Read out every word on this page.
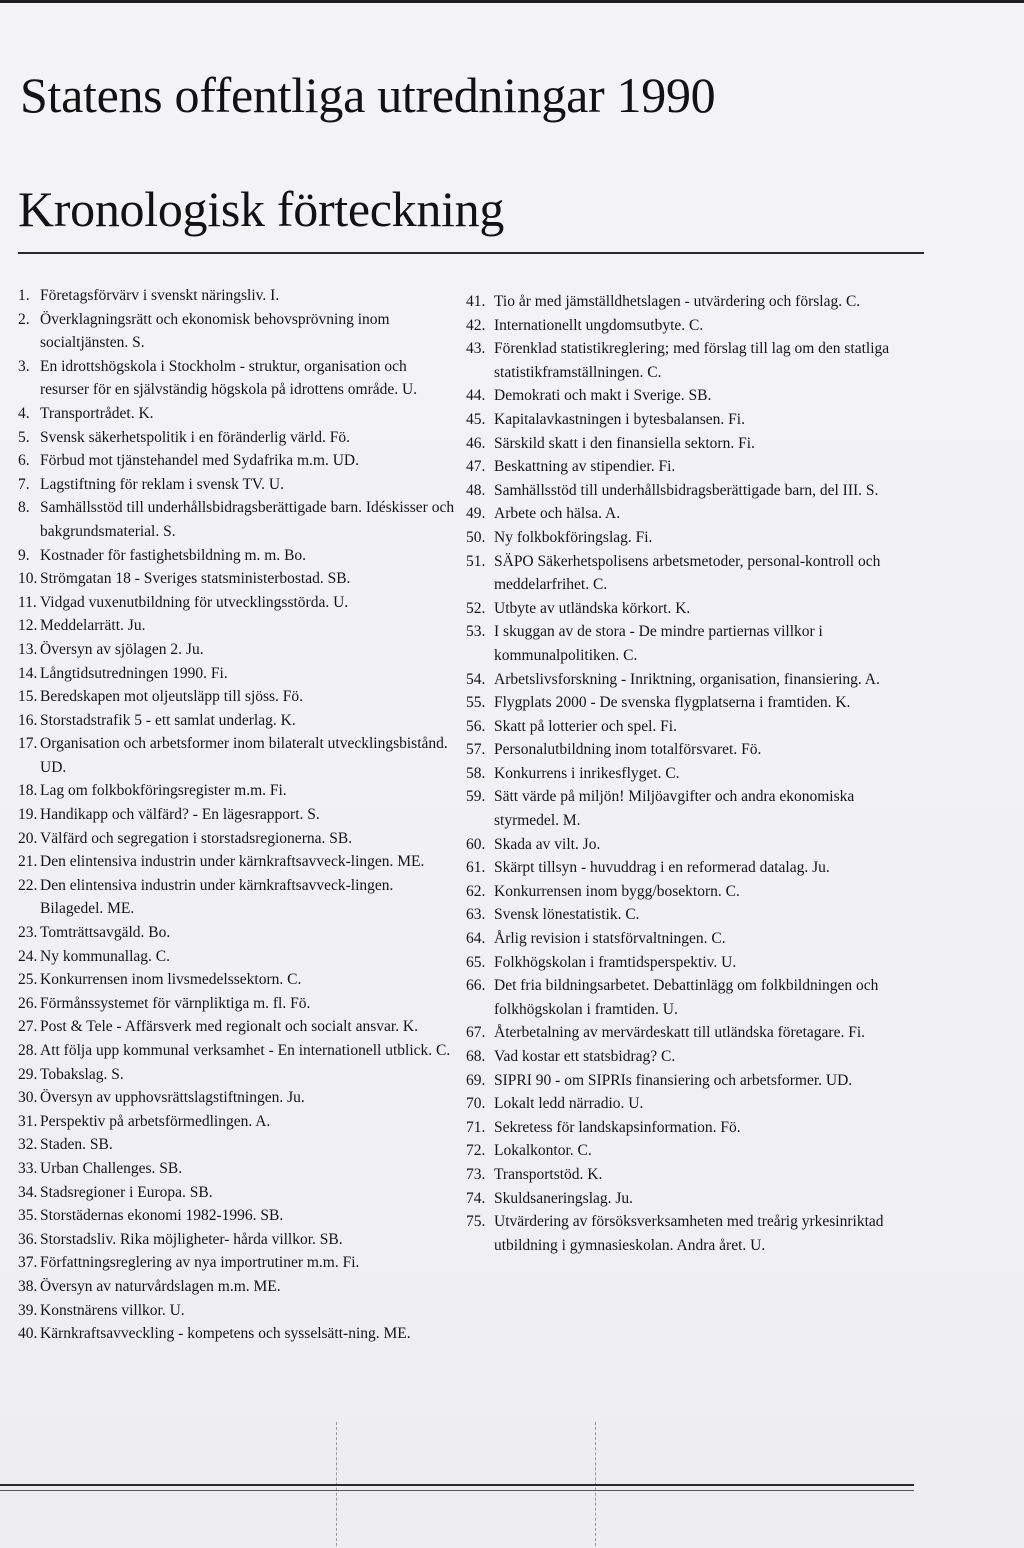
Statens offentliga utredningar 1990
Kronologisk förteckning
1. Företagsförvärv i svenskt näringsliv. I.
2. Överklagningsrätt och ekonomisk behovsprövning inom socialtjänsten. S.
3. En idrottshögskola i Stockholm - struktur, organisation och resurser för en självständig högskola på idrottens område. U.
4. Transportrådet. K.
5. Svensk säkerhetspolitik i en föränderlig värld. Fö.
6. Förbud mot tjänstehandel med Sydafrika m.m. UD.
7. Lagstiftning för reklam i svensk TV. U.
8. Samhällsstöd till underhållsbidragsberättigade barn. Idéskisser och bakgrundsmaterial. S.
9. Kostnader för fastighetsbildning m. m. Bo.
10. Strömgatan 18 - Sveriges statsministerbostad. SB.
11. Vidgad vuxenutbildning för utvecklingsstörda. U.
12. Meddelarrätt. Ju.
13. Översyn av sjölagen 2. Ju.
14. Långtidsutredningen 1990. Fi.
15. Beredskapen mot oljeutsläpp till sjöss. Fö.
16. Storstadstrafik 5 - ett samlat underlag. K.
17. Organisation och arbetsformer inom bilateralt utvecklingsbistånd. UD.
18. Lag om folkbokföringsregister m.m. Fi.
19. Handikapp och välfärd? - En lägesrapport. S.
20. Välfärd och segregation i storstadsregionerna. SB.
21. Den elintensiva industrin under kärnkraftsavveck-lingen. ME.
22. Den elintensiva industrin under kärnkraftsavveck-lingen. Bilagedel. ME.
23. Tomträttsavgäld. Bo.
24. Ny kommunallag. C.
25. Konkurrensen inom livsmedelssektorn. C.
26. Förmånssystemet för värnpliktiga m. fl. Fö.
27. Post & Tele - Affärsverk med regionalt och socialt ansvar. K.
28. Att följa upp kommunal verksamhet - En internationell utblick. C.
29. Tobakslag. S.
30. Översyn av upphovsrättslagstiftningen. Ju.
31. Perspektiv på arbetsförmedlingen. A.
32. Staden. SB.
33. Urban Challenges. SB.
34. Stadsregioner i Europa. SB.
35. Storstädernas ekonomi 1982-1996. SB.
36. Storstadsliv. Rika möjligheter- hårda villkor. SB.
37. Författningsreglering av nya importrutiner m.m. Fi.
38. Översyn av naturvårdslagen m.m. ME.
39. Konstnärens villkor. U.
40. Kärnkraftsavveckling - kompetens och sysselsätt-ning. ME.
41. Tio år med jämställdhetslagen - utvärdering och förslag. C.
42. Internationellt ungdomsutbyte. C.
43. Förenklad statistikreglering; med förslag till lag om den statliga statistikframställningen. C.
44. Demokrati och makt i Sverige. SB.
45. Kapitalavkastningen i bytesbalansen. Fi.
46. Särskild skatt i den finansiella sektorn. Fi.
47. Beskattning av stipendier. Fi.
48. Samhällsstöd till underhållsbidragsberättigade barn, del III. S.
49. Arbete och hälsa. A.
50. Ny folkbokföringslag. Fi.
51. SÄPO Säkerhetspolisens arbetsmetoder, personal-kontroll och meddelarfrihet. C.
52. Utbyte av utländska körkort. K.
53. I skuggan av de stora - De mindre partiernas villkor i kommunalpolitiken. C.
54. Arbetslivsforskning - Inriktning, organisation, finansiering. A.
55. Flygplats 2000 - De svenska flygplatserna i framtiden. K.
56. Skatt på lotterier och spel. Fi.
57. Personalutbildning inom totalförsvaret. Fö.
58. Konkurrens i inrikesflyget. C.
59. Sätt värde på miljön! Miljöavgifter och andra ekonomiska styrmedel. M.
60. Skada av vilt. Jo.
61. Skärpt tillsyn - huvuddrag i en reformerad datalag. Ju.
62. Konkurrensen inom bygg/bosektorn. C.
63. Svensk lönestatistik. C.
64. Årlig revision i statsförvaltningen. C.
65. Folkhögskolan i framtidsperspektiv. U.
66. Det fria bildningsarbetet. Debattinlägg om folkbildningen och folkhögskolan i framtiden. U.
67. Återbetalning av mervärdeskatt till utländska företagare. Fi.
68. Vad kostar ett statsbidrag? C.
69. SIPRI 90 - om SIPRIs finansiering och arbetsformer. UD.
70. Lokalt ledd närradio. U.
71. Sekretess för landskapsinformation. Fö.
72. Lokalkontor. C.
73. Transportstöd. K.
74. Skuldsaneringslag. Ju.
75. Utvärdering av försöksverksamheten med treårig yrkesinriktad utbildning i gymnasieskolan. Andra året. U.
